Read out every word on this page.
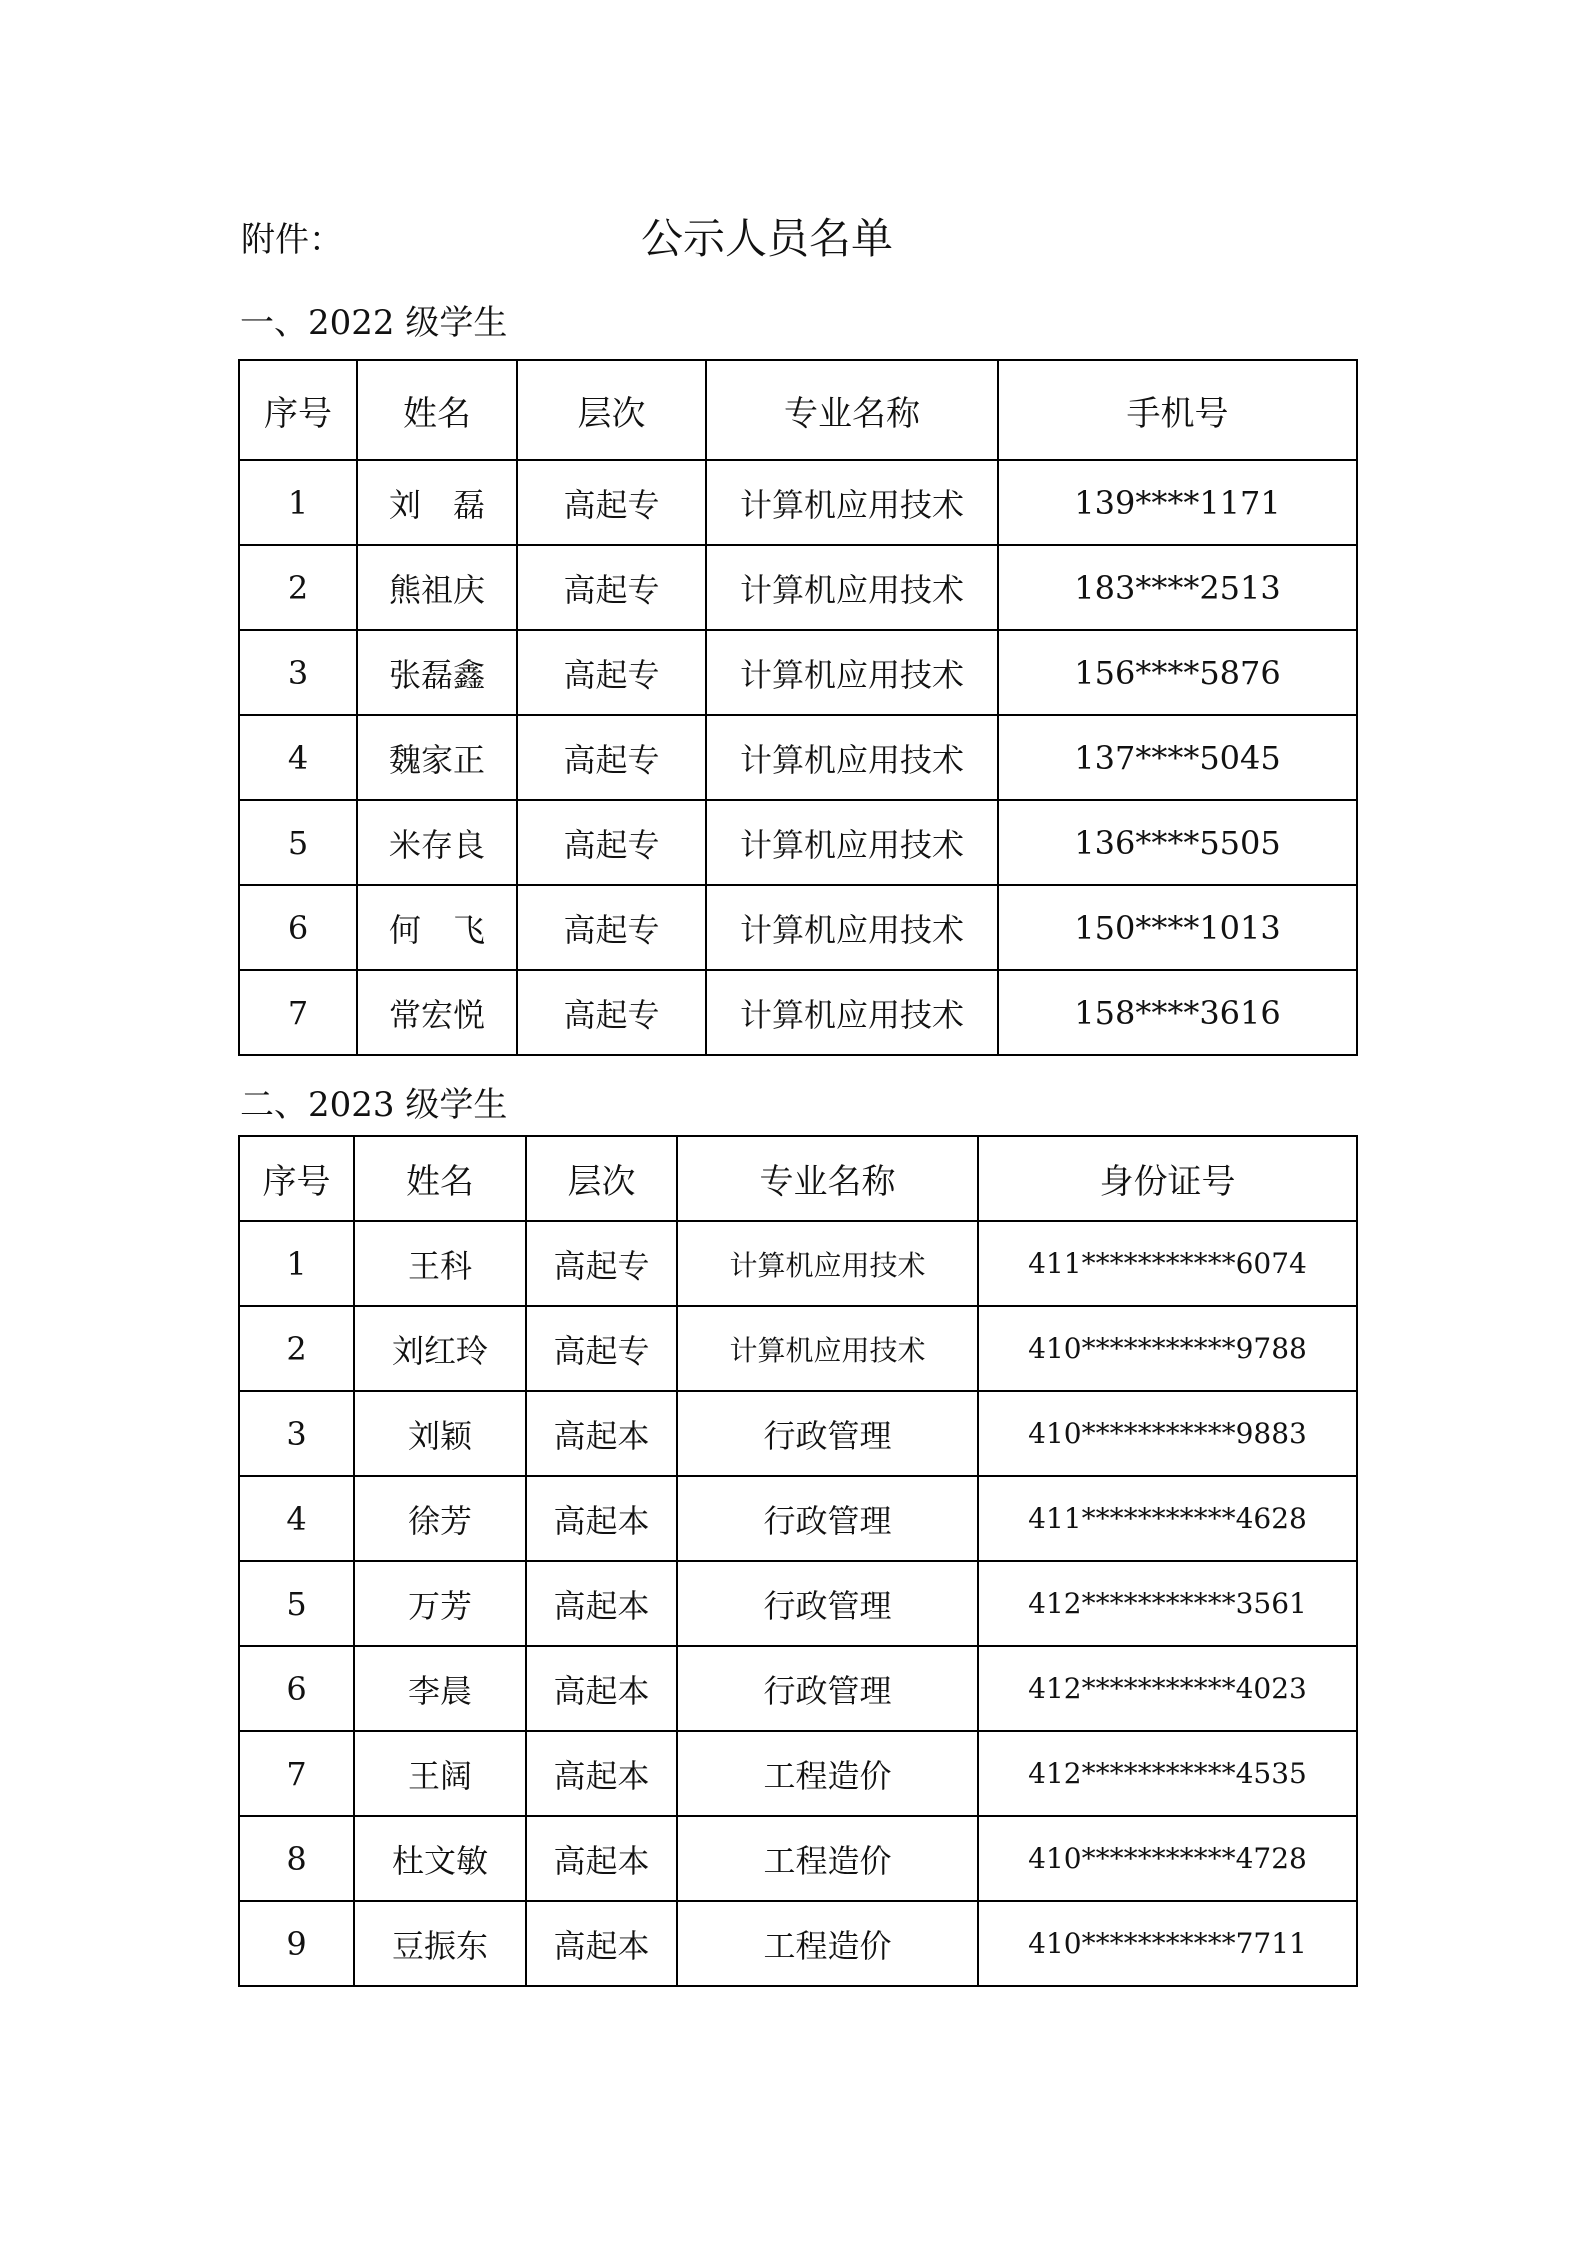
附件：	公示人员名单
一、2022 级学生
序号	姓名	层次	专业名称	手机号
1	刘　磊	高起专	计算机应用技术	139****1171
2	熊祖庆	高起专	计算机应用技术	183****2513
3	张磊鑫	高起专	计算机应用技术	156****5876
4	魏家正	高起专	计算机应用技术	137****5045
5	米存良	高起专	计算机应用技术	136****5505
6	何　飞	高起专	计算机应用技术	150****1013
7	常宏悦	高起专	计算机应用技术	158****3616
二、2023 级学生
序号	姓名	层次	专业名称	身份证号
1	王科	高起专	计算机应用技术	411***********6074
2	刘红玲	高起专	计算机应用技术	410***********9788
3	刘颖	高起本	行政管理	410***********9883
4	徐芳	高起本	行政管理	411***********4628
5	万芳	高起本	行政管理	412***********3561
6	李晨	高起本	行政管理	412***********4023
7	王阔	高起本	工程造价	412***********4535
8	杜文敏	高起本	工程造价	410***********4728
9	豆振东	高起本	工程造价	410***********7711
